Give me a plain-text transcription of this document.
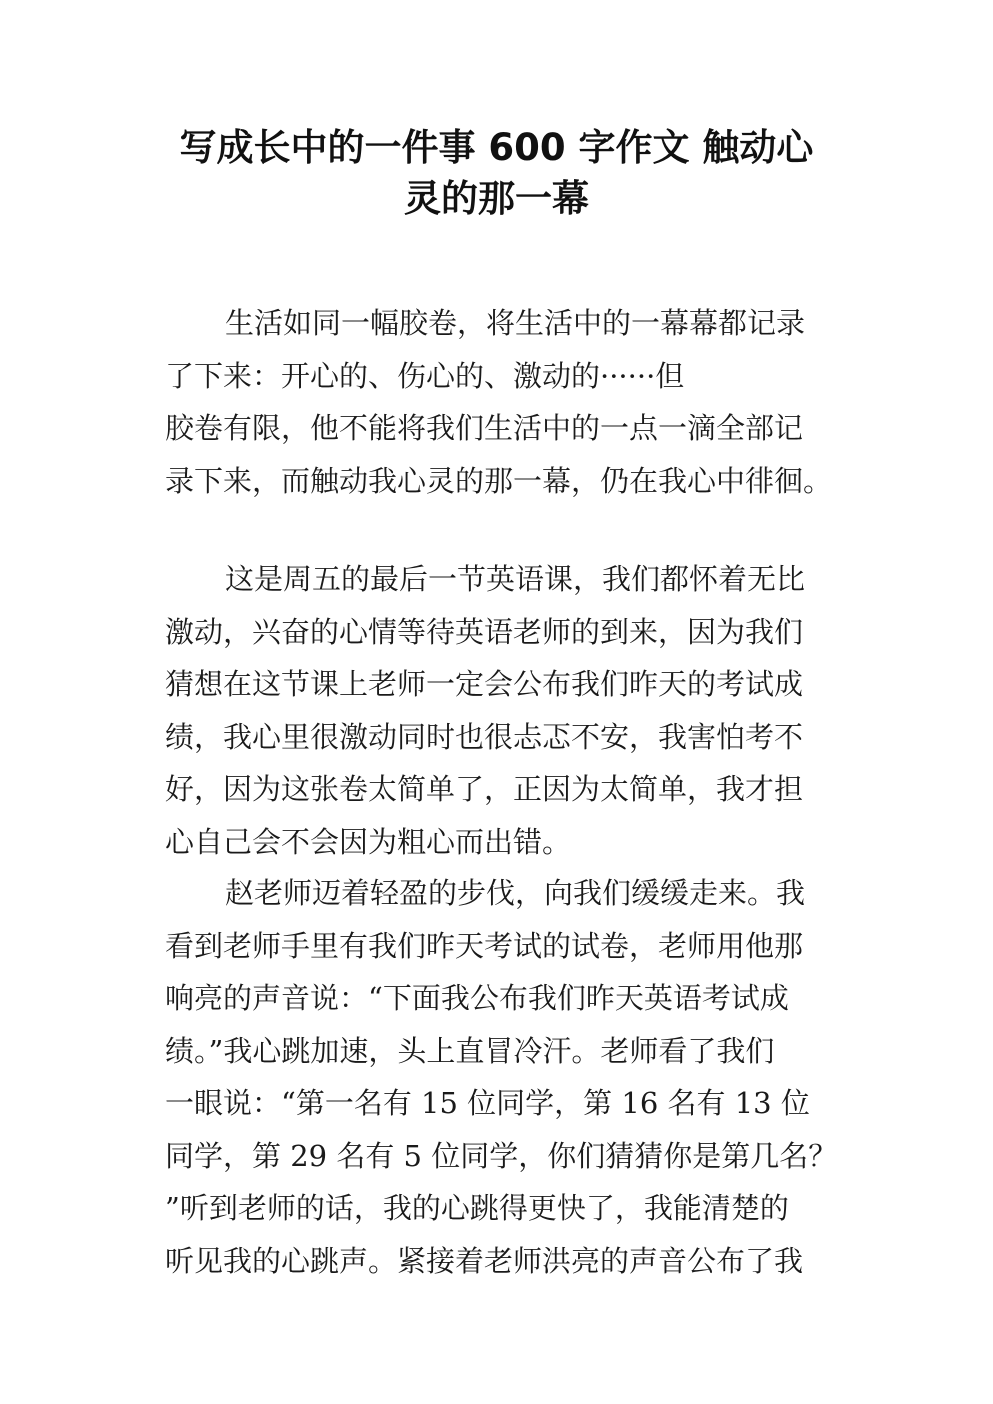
写成长中的一件事 600 字作文 触动心
灵的那一幕
生活如同一幅胶卷，将生活中的一幕幕都记录
了下来：开心的、伤心的、激动的······但
胶卷有限，他不能将我们生活中的一点一滴全部记
录下来，而触动我心灵的那一幕，仍在我心中徘徊。
这是周五的最后一节英语课，我们都怀着无比
激动，兴奋的心情等待英语老师的到来，因为我们
猜想在这节课上老师一定会公布我们昨天的考试成
绩，我心里很激动同时也很忐忑不安，我害怕考不
好，因为这张卷太简单了，正因为太简单，我才担
心自己会不会因为粗心而出错。
赵老师迈着轻盈的步伐，向我们缓缓走来。我
看到老师手里有我们昨天考试的试卷，老师用他那
响亮的声音说：“下面我公布我们昨天英语考试成
绩。”我心跳加速，头上直冒冷汗。老师看了我们
一眼说：“第一名有 15 位同学，第 16 名有 13 位
同学，第 29 名有 5 位同学，你们猜猜你是第几名？
”听到老师的话，我的心跳得更快了，我能清楚的
听见我的心跳声。紧接着老师洪亮的声音公布了我
